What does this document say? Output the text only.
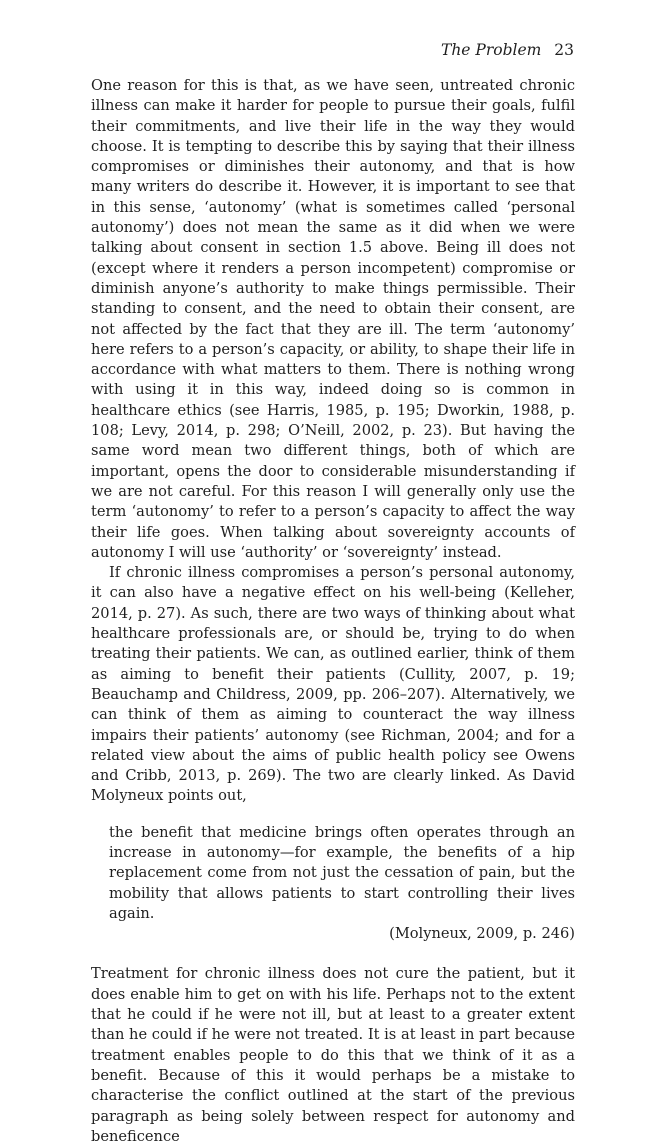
The Problem 23

One reason for this is that, as we have seen, untreated chronic illness can make it harder for people to pursue their goals, fulfil their commitments, and live their life in the way they would choose. It is tempting to describe this by saying that their illness compromises or diminishes their autonomy, and that is how many writers do describe it. However, it is important to see that in this sense, ‘autonomy’ (what is sometimes called ‘personal autonomy’) does not mean the same as it did when we were talking about consent in section 1.5 above. Being ill does not (except where it renders a person incompetent) compromise or diminish anyone’s authority to make things permissible. Their standing to consent, and the need to obtain their consent, are not affected by the fact that they are ill. The term ‘autonomy’ here refers to a person’s capacity, or ability, to shape their life in accordance with what matters to them. There is nothing wrong with using it in this way, indeed doing so is common in healthcare ethics (see Harris, 1985, p. 195; Dworkin, 1988, p. 108; Levy, 2014, p. 298; O’Neill, 2002, p. 23). But having the same word mean two different things, both of which are important, opens the door to considerable misunderstanding if we are not careful. For this reason I will generally only use the term ‘autonomy’ to refer to a person’s capacity to affect the way their life goes. When talking about sovereignty accounts of autonomy I will use ‘authority’ or ‘sovereignty’ instead.

If chronic illness compromises a person’s personal autonomy, it can also have a negative effect on his well-being (Kelleher, 2014, p. 27). As such, there are two ways of thinking about what healthcare professionals are, or should be, trying to do when treating their patients. We can, as outlined earlier, think of them as aiming to benefit their patients (Cullity, 2007, p. 19; Beauchamp and Childress, 2009, pp. 206–207). Alternatively, we can think of them as aiming to counteract the way illness impairs their patients’ autonomy (see Richman, 2004; and for a related view about the aims of public health policy see Owens and Cribb, 2013, p. 269). The two are clearly linked. As David Molyneux points out,

the benefit that medicine brings often operates through an increase in autonomy—for example, the benefits of a hip replacement come from not just the cessation of pain, but the mobility that allows patients to start controlling their lives again.

(Molyneux, 2009, p. 246)

Treatment for chronic illness does not cure the patient, but it does enable him to get on with his life. Perhaps not to the extent that he could if he were not ill, but at least to a greater extent than he could if he were not treated. It is at least in part because treatment enables people to do this that we think of it as a benefit. Because of this it would perhaps be a mistake to characterise the conflict outlined at the start of the previous paragraph as being solely between respect for autonomy and beneficence
